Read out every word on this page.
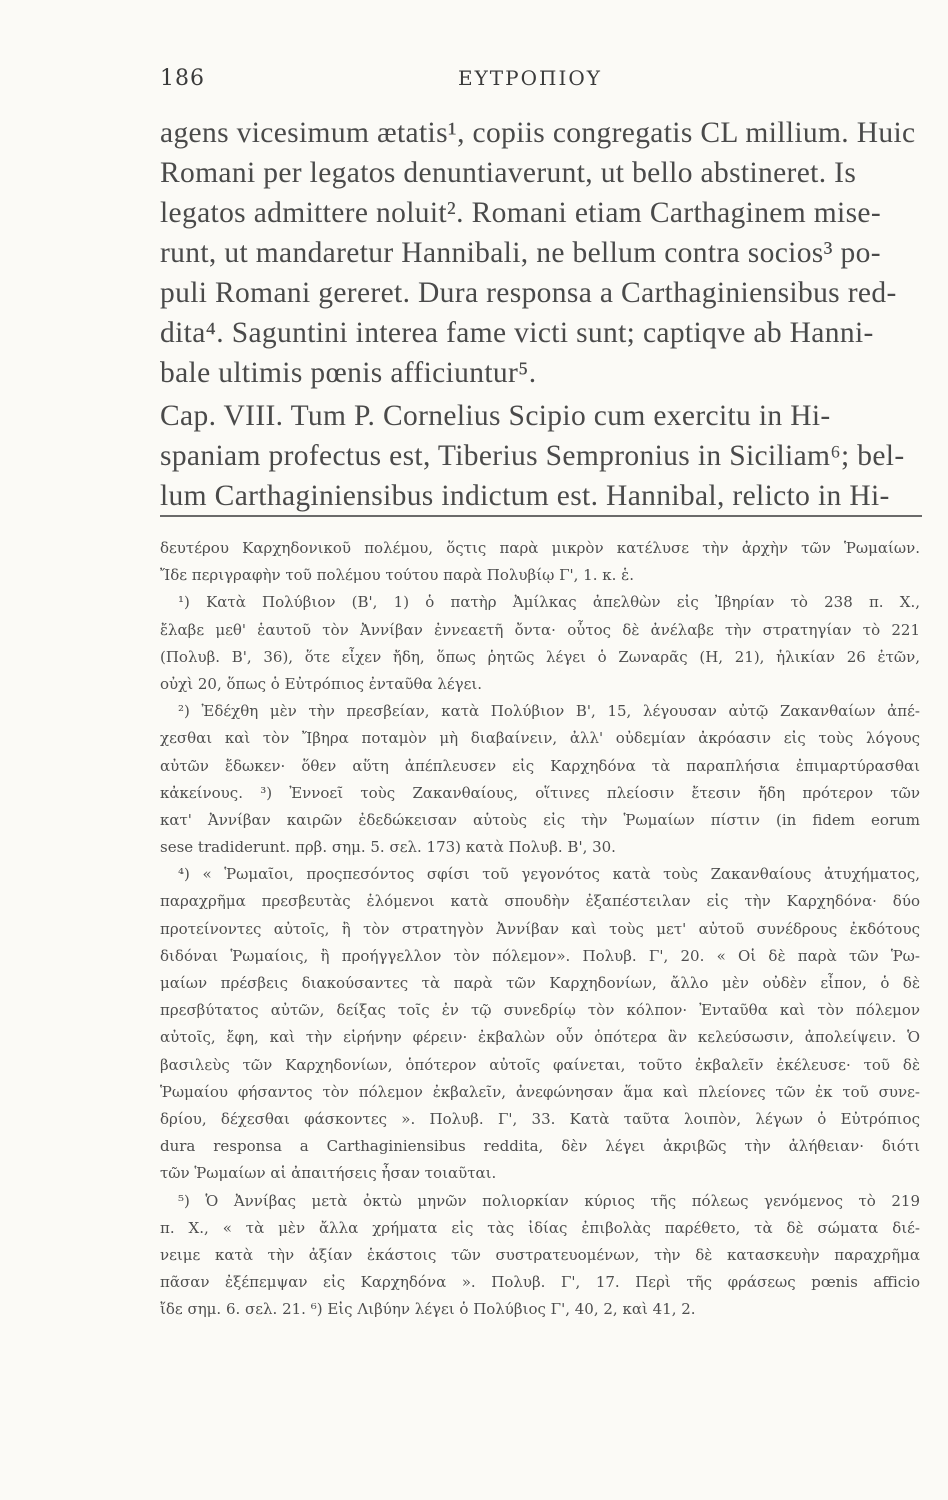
186	ΕΥΤΡΟΠΙΟΥ
agens vicesimum ætatis¹, copiis congregatis CL millium. Huic
Romani per legatos denuntiaverunt, ut bello abstineret. Is
legatos admittere noluit². Romani etiam Carthaginem mise-
runt, ut mandaretur Hannibali, ne bellum contra socios³ po-
puli Romani gereret. Dura responsa a Carthaginiensibus red-
dita⁴. Saguntini interea fame victi sunt; captiqve ab Hanni-
bale ultimis pœnis afficiuntur⁵.
Cap. VIII. Tum P. Cornelius Scipio cum exercitu in Hi-
spaniam profectus est, Tiberius Sempronius in Siciliam⁶; bel-
lum Carthaginiensibus indictum est. Hannibal, relicto in Hi-
δευτέρου Καρχηδονικοῦ πολέμου, ὅςτις παρὰ μικρὸν κατέλυσε τὴν ἀρχὴν τῶν Ῥωμαίων.
Ἴδε περιγραφὴν τοῦ πολέμου τούτου παρὰ Πολυβίῳ Γ', 1. κ. ἑ.
¹) Κατὰ Πολύβιον (Β', 1) ὁ πατὴρ Ἀμίλκας ἀπελθὼν εἰς Ἰβηρίαν τὸ 238 π. Χ.,
ἔλαβε μεθ' ἑαυτοῦ τὸν Ἀννίβαν ἐννεαετῆ ὄντα· οὗτος δὲ ἀνέλαβε τὴν στρατηγίαν τὸ 221
(Πολυβ. Β', 36), ὅτε εἶχεν ἤδη, ὅπως ῥητῶς λέγει ὁ Ζωναρᾶς (Η, 21), ἡλικίαν 26 ἐτῶν,
οὐχὶ 20, ὅπως ὁ Εὐτρόπιος ἐνταῦθα λέγει.
²) Ἐδέχθη μὲν τὴν πρεσβείαν, κατὰ Πολύβιον Β', 15, λέγουσαν αὐτῷ Ζακανθαίων ἀπέ-
χεσθαι καὶ τὸν Ἴβηρα ποταμὸν μὴ διαβαίνειν, ἀλλ' οὐδεμίαν ἀκρόασιν εἰς τοὺς λόγους
αὐτῶν ἔδωκεν· ὅθεν αὕτη ἀπέπλευσεν εἰς Καρχηδόνα τὰ παραπλήσια ἐπιμαρτύρασθαι
κἀκείνους. ³) Ἐννοεῖ τοὺς Ζακανθαίους, οἵτινες πλείοσιν ἔτεσιν ἤδη πρότερον τῶν
κατ' Ἀννίβαν καιρῶν ἐδεδώκεισαν αὑτοὺς εἰς τὴν Ῥωμαίων πίστιν (in fidem eorum
sese tradiderunt. πρβ. σημ. 5. σελ. 173) κατὰ Πολυβ. Β', 30.
⁴) « Ῥωμαῖοι, προςπεσόντος σφίσι τοῦ γεγονότος κατὰ τοὺς Ζακανθαίους ἀτυχήματος,
παραχρῆμα πρεσβευτὰς ἑλόμενοι κατὰ σπουδὴν ἐξαπέστειλαν εἰς τὴν Καρχηδόνα· δύο
προτείνοντες αὐτοῖς, ἢ τὸν στρατηγὸν Ἀννίβαν καὶ τοὺς μετ' αὐτοῦ συνέδρους ἐκδότους
διδόναι Ῥωμαίοις, ἢ προήγγελλον τὸν πόλεμον». Πολυβ. Γ', 20. « Οἱ δὲ παρὰ τῶν Ῥω-
μαίων πρέσβεις διακούσαντες τὰ παρὰ τῶν Καρχηδονίων, ἄλλο μὲν οὐδὲν εἶπον, ὁ δὲ
πρεσβύτατος αὐτῶν, δείξας τοῖς ἐν τῷ συνεδρίῳ τὸν κόλπον· Ἐνταῦθα καὶ τὸν πόλεμον
αὐτοῖς, ἔφη, καὶ τὴν εἰρήνην φέρειν· ἐκβαλὼν οὖν ὁπότερα ἂν κελεύσωσιν, ἀπολείψειν. Ὁ
βασιλεὺς τῶν Καρχηδονίων, ὁπότερον αὐτοῖς φαίνεται, τοῦτο ἐκβαλεῖν ἐκέλευσε· τοῦ δὲ
Ῥωμαίου φήσαντος τὸν πόλεμον ἐκβαλεῖν, ἀνεφώνησαν ἅμα καὶ πλείονες τῶν ἐκ τοῦ συνε-
δρίου, δέχεσθαι φάσκοντες ». Πολυβ. Γ', 33. Κατὰ ταῦτα λοιπὸν, λέγων ὁ Εὐτρόπιος
dura responsa a Carthaginiensibus reddita, δὲν λέγει ἀκριβῶς τὴν ἀλήθειαν· διότι
τῶν Ῥωμαίων αἱ ἀπαιτήσεις ἦσαν τοιαῦται.
⁵) Ὁ Ἀννίβας μετὰ ὀκτὼ μηνῶν πολιορκίαν κύριος τῆς πόλεως γενόμενος τὸ 219
π. Χ., « τὰ μὲν ἄλλα χρήματα εἰς τὰς ἰδίας ἐπιβολὰς παρέθετο, τὰ δὲ σώματα διέ-
νειμε κατὰ τὴν ἀξίαν ἑκάστοις τῶν συστρατευομένων, τὴν δὲ κατασκευὴν παραχρῆμα
πᾶσαν ἐξέπεμψαν εἰς Καρχηδόνα ». Πολυβ. Γ', 17. Περὶ τῆς φράσεως pœnis afficio
ἴδε σημ. 6. σελ. 21. ⁶) Εἰς Λιβύην λέγει ὁ Πολύβιος Γ', 40, 2, καὶ 41, 2.
